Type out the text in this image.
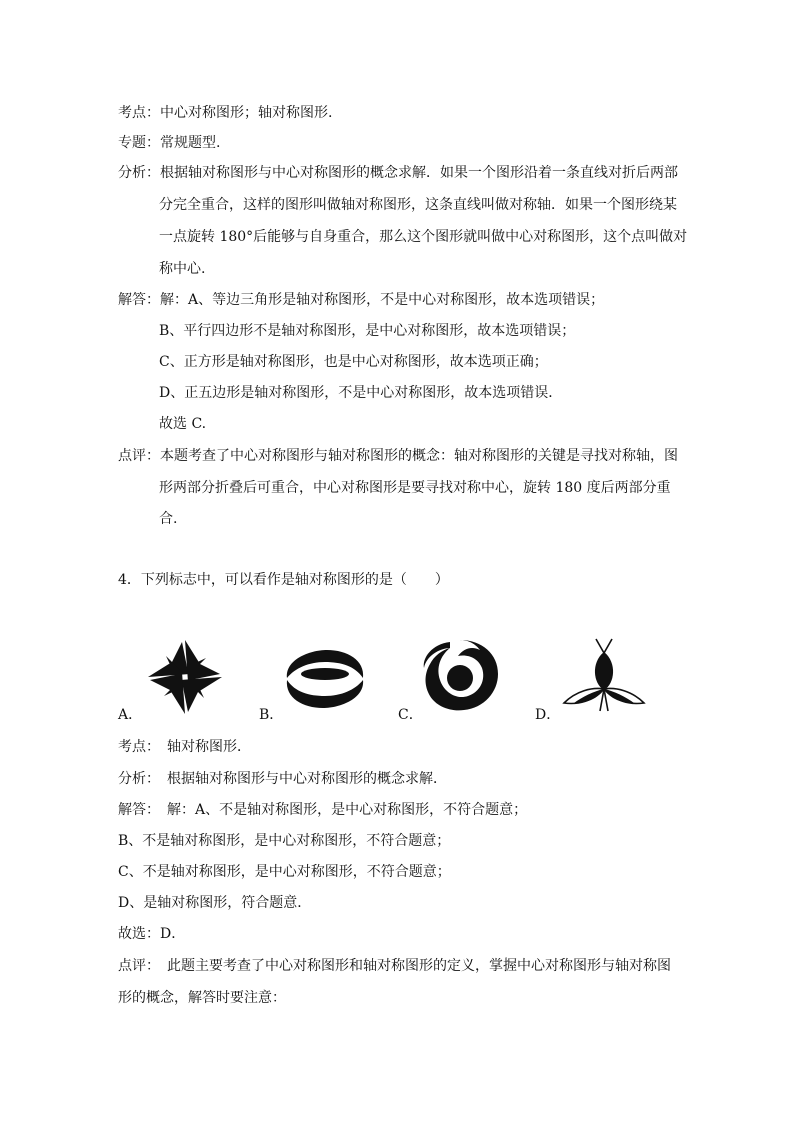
考点：中心对称图形；轴对称图形.
专题：常规题型.
分析：根据轴对称图形与中心对称图形的概念求解．如果一个图形沿着一条直线对折后两部
分完全重合，这样的图形叫做轴对称图形，这条直线叫做对称轴．如果一个图形绕某
一点旋转 180°后能够与自身重合，那么这个图形就叫做中心对称图形，这个点叫做对
称中心.
解答：解：A、等边三角形是轴对称图形，不是中心对称图形，故本选项错误；
B、平行四边形不是轴对称图形，是中心对称图形，故本选项错误；
C、正方形是轴对称图形，也是中心对称图形，故本选项正确；
D、正五边形是轴对称图形，不是中心对称图形，故本选项错误．
故选 C.
点评：本题考查了中心对称图形与轴对称图形的概念：轴对称图形的关键是寻找对称轴，图
形两部分折叠后可重合，中心对称图形是要寻找对称中心，旋转 180 度后两部分重
合.
4．下列标志中，可以看作是轴对称图形的是（　　）
A．	B．	C．	D．
考点：　轴对称图形．
分析：　根据轴对称图形与中心对称图形的概念求解．
解答：　解：A、不是轴对称图形，是中心对称图形，不符合题意；
B、不是轴对称图形，是中心对称图形，不符合题意；
C、不是轴对称图形，是中心对称图形，不符合题意；
D、是轴对称图形，符合题意．
故选：D．
点评：　此题主要考查了中心对称图形和轴对称图形的定义，掌握中心对称图形与轴对称图
形的概念，解答时要注意：
